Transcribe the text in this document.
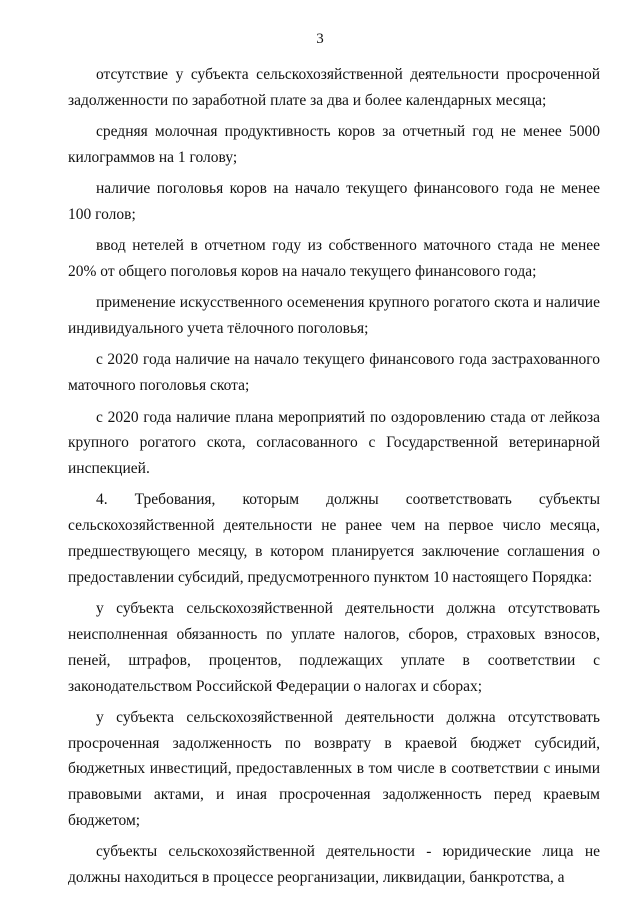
3

отсутствие у субъекта сельскохозяйственной деятельности просроченной задолженности по заработной плате за два и более календарных месяца;

средняя молочная продуктивность коров за отчетный год не менее 5000 килограммов на 1 голову;

наличие поголовья коров на начало текущего финансового года не менее 100 голов;

ввод нетелей в отчетном году из собственного маточного стада не менее 20% от общего поголовья коров на начало текущего финансового года;

применение искусственного осеменения крупного рогатого скота и наличие индивидуального учета тёлочного поголовья;

с 2020 года наличие на начало текущего финансового года застрахованного маточного поголовья скота;

с 2020 года наличие плана мероприятий по оздоровлению стада от лейкоза крупного рогатого скота, согласованного с Государственной ветеринарной инспекцией.

4. Требования, которым должны соответствовать субъекты сельскохозяйственной деятельности не ранее чем на первое число месяца, предшествующего месяцу, в котором планируется заключение соглашения о предоставлении субсидий, предусмотренного пунктом 10 настоящего Порядка:

у субъекта сельскохозяйственной деятельности должна отсутствовать неисполненная обязанность по уплате налогов, сборов, страховых взносов, пеней, штрафов, процентов, подлежащих уплате в соответствии с законодательством Российской Федерации о налогах и сборах;

у субъекта сельскохозяйственной деятельности должна отсутствовать просроченная задолженность по возврату в краевой бюджет субсидий, бюджетных инвестиций, предоставленных в том числе в соответствии с иными правовыми актами, и иная просроченная задолженность перед краевым бюджетом;

субъекты сельскохозяйственной деятельности - юридические лица не должны находиться в процессе реорганизации, ликвидации, банкротства, а
